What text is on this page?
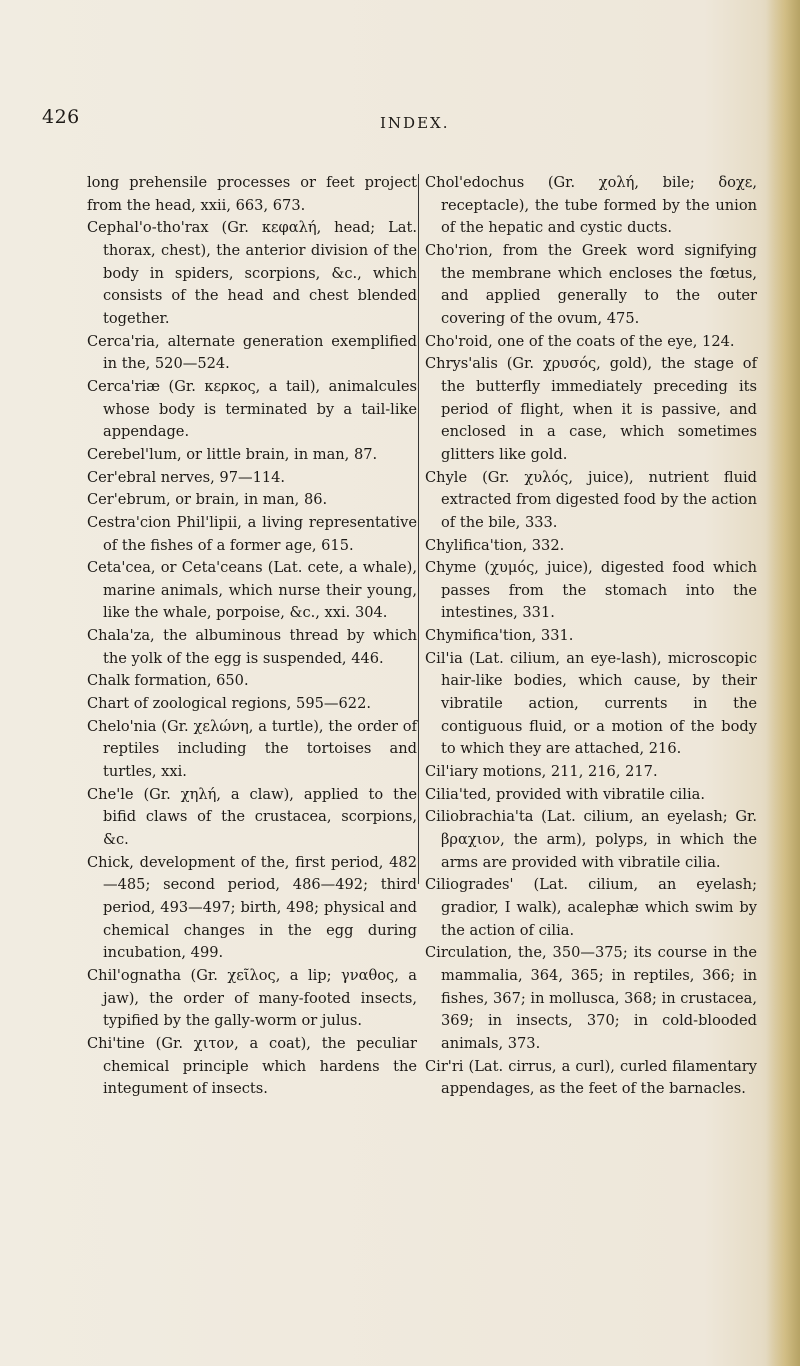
426	INDEX.

long prehensile processes or feet project from the head, xxii, 663, 673.

Cephal'o-tho'rax (Gr. κεφαλή, head; Lat. thorax, chest), the anterior division of the body in spiders, scorpions, &c., which consists of the head and chest blended together.

Cerca'ria, alternate generation exemplified in the, 520—524.

Cerca'riæ (Gr. κερκος, a tail), animalcules whose body is terminated by a tail-like appendage.

Cerebel'lum, or little brain, in man, 87.

Cer'ebral nerves, 97—114.

Cer'ebrum, or brain, in man, 86.

Cestra'cion Phil'lipii, a living representative of the fishes of a former age, 615.

Ceta'cea, or Ceta'ceans (Lat. cete, a whale), marine animals, which nurse their young, like the whale, porpoise, &c., xxi. 304.

Chala'za, the albuminous thread by which the yolk of the egg is suspended, 446.

Chalk formation, 650.

Chart of zoological regions, 595—622.

Chelo'nia (Gr. χελώνη, a turtle), the order of reptiles including the tortoises and turtles, xxi.

Che'le (Gr. χηλή, a claw), applied to the bifid claws of the crustacea, scorpions, &c.

Chick, development of the, first period, 482—485; second period, 486—492; third period, 493—497; birth, 498; physical and chemical changes in the egg during incubation, 499.

Chil'ognatha (Gr. χεῖλος, a lip; γναθος, a jaw), the order of many-footed insects, typified by the gally-worm or julus.

Chi'tine (Gr. χιτον, a coat), the peculiar chemical principle which hardens the integument of insects.

Chol'edochus (Gr. χολή, bile; δοχε, receptacle), the tube formed by the union of the hepatic and cystic ducts.

Cho'rion, from the Greek word signifying the membrane which encloses the fœtus, and applied generally to the outer covering of the ovum, 475.

Cho'roid, one of the coats of the eye, 124.

Chrys'alis (Gr. χρυσός, gold), the stage of the butterfly immediately preceding its period of flight, when it is passive, and enclosed in a case, which sometimes glitters like gold.

Chyle (Gr. χυλός, juice), nutrient fluid extracted from digested food by the action of the bile, 333.

Chylifica'tion, 332.

Chyme (χυμός, juice), digested food which passes from the stomach into the intestines, 331.

Chymifica'tion, 331.

Cil'ia (Lat. cilium, an eye-lash), microscopic hair-like bodies, which cause, by their vibratile action, currents in the contiguous fluid, or a motion of the body to which they are attached, 216.

Cil'iary motions, 211, 216, 217.

Cilia'ted, provided with vibratile cilia.

Ciliobrachia'ta (Lat. cilium, an eyelash; Gr. βραχιον, the arm), polyps, in which the arms are provided with vibratile cilia.

Ciliogrades' (Lat. cilium, an eyelash; gradior, I walk), acalephæ which swim by the action of cilia.

Circulation, the, 350—375; its course in the mammalia, 364, 365; in reptiles, 366; in fishes, 367; in mollusca, 368; in crustacea, 369; in insects, 370; in cold-blooded animals, 373.

Cir'ri (Lat. cirrus, a curl), curled filamentary appendages, as the feet of the barnacles.
